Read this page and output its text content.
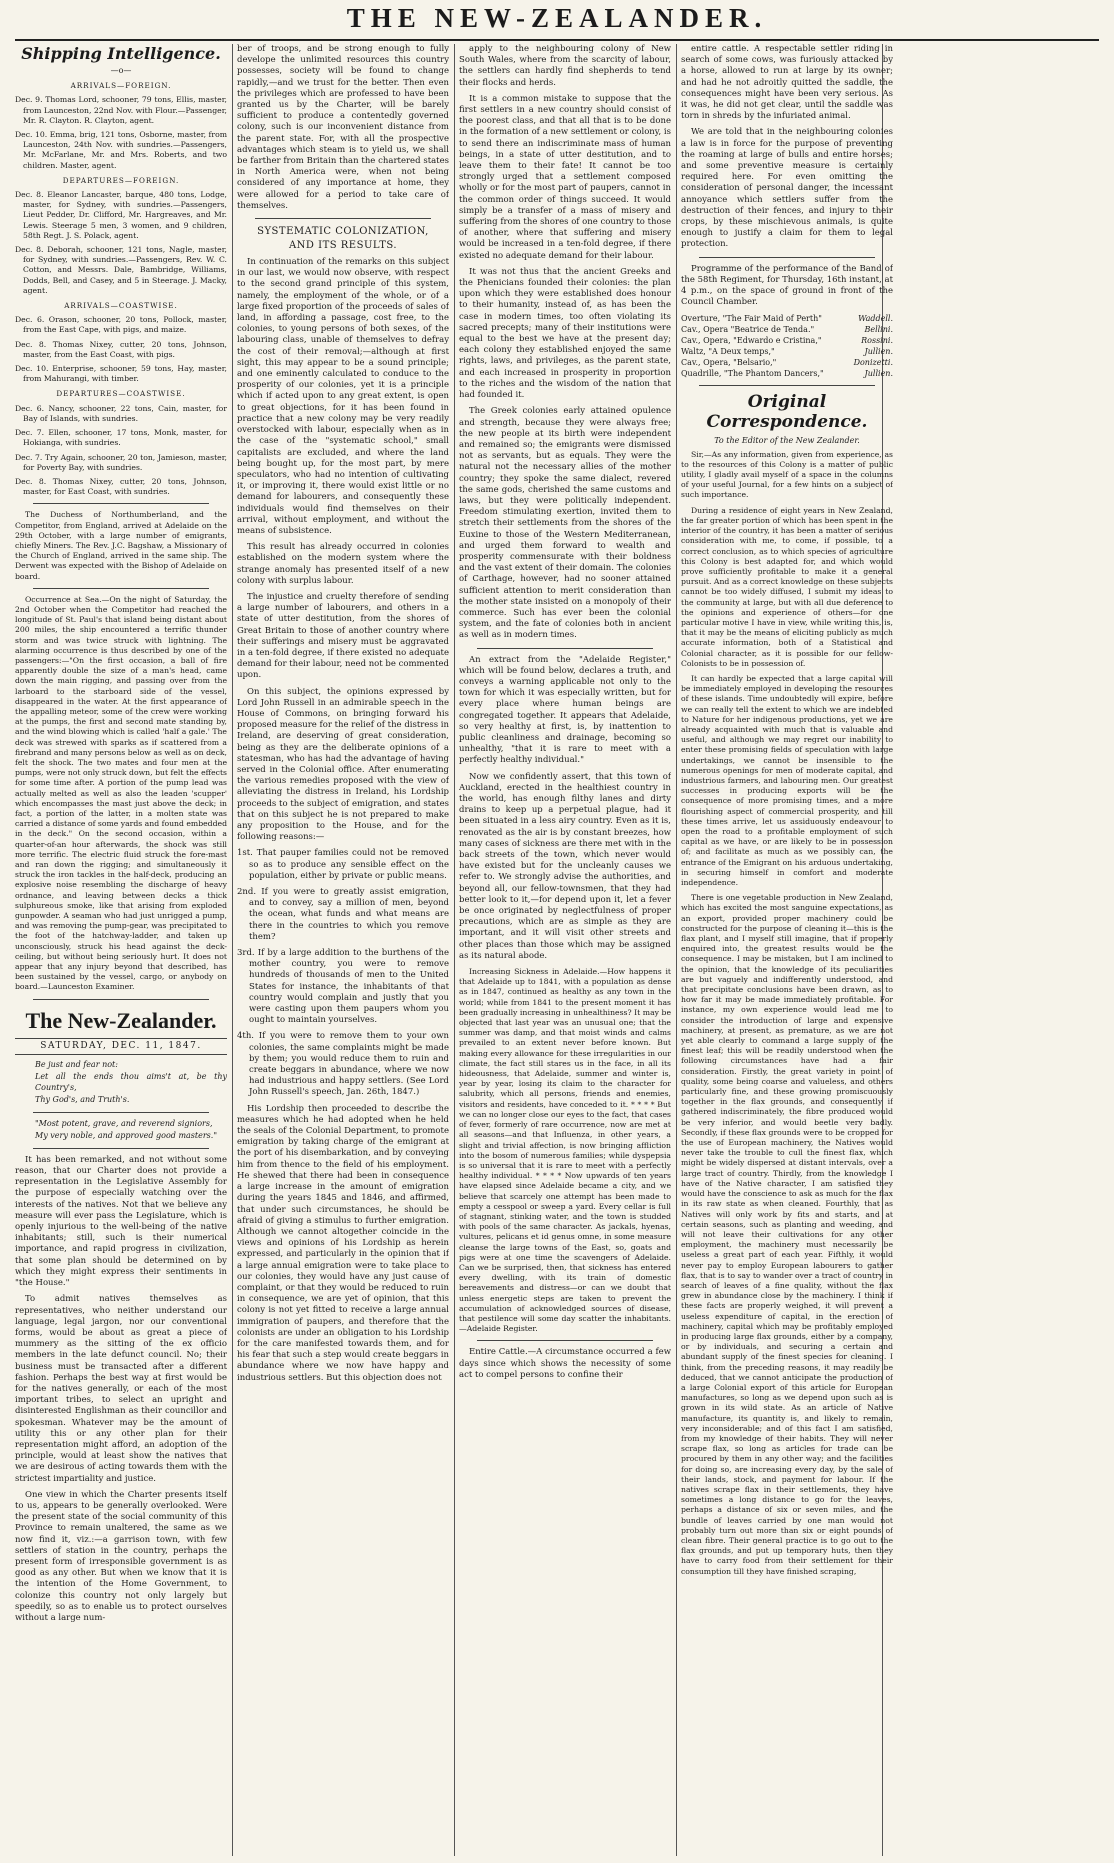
THE NEW-ZEALANDER.
Shipping Intelligence.
—o—
ARRIVALS—FOREIGN.
Dec. 9. Thomas Lord, schooner, 79 tons, Ellis, master, from Launceston, 22nd Nov. with Flour.—Passenger, Mr. R. Clayton. R. Clayton, agent.
Dec. 10. Emma, brig, 121 tons, Osborne, master, from Launceston, 24th Nov. with sundries.—Passengers, Mr. McFarlane, Mr. and Mrs. Roberts, and two children. Master, agent.
DEPARTURES—FOREIGN.
Dec. 8. Eleanor Lancaster, barque, 480 tons, Lodge, master, for Sydney, with sundries.—Passengers, Lieut Pedder, Dr. Clifford, Mr. Hargreaves, and Mr. Lewis. Steerage 5 men, 3 women, and 9 children, 58th Regt. J. S. Polack, agent.
Dec. 8. Deborah, schooner, 121 tons, Nagle, master, for Sydney, with sundries.—Passengers, Rev. W. C. Cotton, and Messrs. Dale, Bambridge, Williams, Dodds, Bell, and Casey, and 5 in Steerage. J. Macky, agent.
ARRIVALS—COASTWISE.
Dec. 6. Orason, schooner, 20 tons, Pollock, master, from the East Cape, with pigs, and maize.
Dec. 8. Thomas Nixey, cutter, 20 tons, Johnson, master, from the East Coast, with pigs.
Dec. 10. Enterprise, schooner, 59 tons, Hay, master, from Mahurangi, with timber.
DEPARTURES—COASTWISE.
Dec. 6. Nancy, schooner, 22 tons, Cain, master, for Bay of Islands, with sundries.
Dec. 7. Ellen, schooner, 17 tons, Monk, master, for Hokianga, with sundries.
Dec. 7. Try Again, schooner, 20 ton, Jamieson, master, for Poverty Bay, with sundries.
Dec. 8. Thomas Nixey, cutter, 20 tons, Johnson, master, for East Coast, with sundries.

The Duchess of Northumberland, and the Competitor, from England, arrived at Adelaide on the 29th October, with a large number of emigrants, chiefly Miners. The Rev. J.C. Bagshaw, a Missionary of the Church of England, arrived in the same ship. The Derwent was expected with the Bishop of Adelaide on board.

Occurrence at Sea.—On the night of Saturday, the 2nd October when the Competitor had reached the longitude of St. Paul's that island being distant about 200 miles, the ship encountered a terrific thunder storm and was twice struck with lightning. The alarming occurrence is thus described by one of the passengers:—"On the first occasion, a ball of fire apparently double the size of a man's head, came down the main rigging, and passing over from the larboard to the starboard side of the vessel, disappeared in the water. At the first appearance of the appalling meteor, some of the crew were working at the pumps, the first and second mate standing by, and the wind blowing which is called 'half a gale.' The deck was strewed with sparks as if scattered from a firebrand and many persons below as well as on deck, felt the shock. The two mates and four men at the pumps, were not only struck down, but felt the effects for some time after. A portion of the pump lead was actually melted as well as also the leaden 'scupper' which encompasses the mast just above the deck; in fact, a portion of the latter, in a molten state was carried a distance of some yards and found embedded in the deck." On the second occasion, within a quarter-of-an hour afterwards, the shock was still more terrific. The electric fluid struck the fore-mast and ran down the rigging; and simultaneously it struck the iron tackles in the half-deck, producing an explosive noise resembling the discharge of heavy ordnance, and leaving between decks a thick sulphureous smoke, like that arising from exploded gunpowder. A seaman who had just unrigged a pump, and was removing the pump-gear, was precipitated to the foot of the hatchway-ladder, and taken up unconsciously, struck his head against the deck-ceiling, but without being seriously hurt. It does not appear that any injury beyond that described, has been sustained by the vessel, cargo, or anybody on board.—Launceston Examiner.

The New-Zealander.
SATURDAY, DEC. 11, 1847.
Be just and fear not:
Let all the ends thou aims't at, be thy Country's,
Thy God's, and Truth's.
"Most potent, grave, and reverend signiors,
My very noble, and approved good masters."

It has been remarked, and not without some reason, that our Charter does not provide a representation in the Legislative Assembly for the purpose of especially watching over the interests of the natives. Not that we believe any measure will ever pass the Legislature, which is openly injurious to the well-being of the native inhabitants; still, such is their numerical importance, and rapid progress in civilization, that some plan should be determined on by which they might express their sentiments in "the House."

To admit natives themselves as representatives, who neither understand our language, legal jargon, nor our conventional forms, would be about as great a piece of mummery as the sitting of the ex officio members in the late defunct council. No; their business must be transacted after a different fashion. Perhaps the best way at first would be for the natives generally, or each of the most important tribes, to select an upright and disinterested Englishman as their councillor and spokesman. Whatever may be the amount of utility this or any other plan for their representation might afford, an adoption of the principle, would at least show the natives that we are desirous of acting towards them with the strictest impartiality and justice.

One view in which the Charter presents itself to us, appears to be generally overlooked. Were the present state of the social community of this Province to remain unaltered, the same as we now find it, viz.:—a garrison town, with few settlers of station in the country, perhaps the present form of irresponsible government is as good as any other. But when we know that it is the intention of the Home Government, to colonize this country not only largely but speedily, so as to enable us to protect ourselves without a large num-

ber of troops, and be strong enough to fully develope the unlimited resources this country possesses, society will be found to change rapidly,—and we trust for the better. Then even the privileges which are professed to have been granted us by the Charter, will be barely sufficient to produce a contentedly governed colony, such is our inconvenient distance from the parent state. For, with all the prospective advantages which steam is to yield us, we shall be farther from Britain than the chartered states in North America were, when not being considered of any importance at home, they were allowed for a period to take care of themselves.

SYSTEMATIC COLONIZATION,
AND ITS RESULTS.

In continuation of the remarks on this subject in our last, we would now observe, with respect to the second grand principle of this system, namely, the employment of the whole, or of a large fixed proportion of the proceeds of sales of land, in affording a passage, cost free, to the colonies, to young persons of both sexes, of the labouring class, unable of themselves to defray the cost of their removal;—although at first sight, this may appear to be a sound principle; and one eminently calculated to conduce to the prosperity of our colonies, yet it is a principle which if acted upon to any great extent, is open to great objections, for it has been found in practice that a new colony may be very readily overstocked with labour, especially when as in the case of the "systematic school," small capitalists are excluded, and where the land being bought up, for the most part, by mere speculators, who had no intention of cultivating it, or improving it, there would exist little or no demand for labourers, and consequently these individuals would find themselves on their arrival, without employment, and without the means of subsistence.

This result has already occurred in colonies established on the modern system where the strange anomaly has presented itself of a new colony with surplus labour.

The injustice and cruelty therefore of sending a large number of labourers, and others in a state of utter destitution, from the shores of Great Britain to those of another country where their sufferings and misery must be aggravated in a ten-fold degree, if there existed no adequate demand for their labour, need not be commented upon.

On this subject, the opinions expressed by Lord John Russell in an admirable speech in the House of Commons, on bringing forward his proposed measure for the relief of the distress in Ireland, are deserving of great consideration, being as they are the deliberate opinions of a statesman, who has had the advantage of having served in the Colonial office. After enumerating the various remedies proposed with the view of alleviating the distress in Ireland, his Lordship proceeds to the subject of emigration, and states that on this subject he is not prepared to make any proposition to the House, and for the following reasons:—

1st. That pauper families could not be removed so as to produce any sensible effect on the population, either by private or public means.
2nd. If you were to greatly assist emigration, and to convey, say a million of men, beyond the ocean, what funds and what means are there in the countries to which you remove them?
3rd. If by a large addition to the burthens of the mother country, you were to remove hundreds of thousands of men to the United States for instance, the inhabitants of that country would complain and justly that you were casting upon them paupers whom you ought to maintain yourselves.
4th. If you were to remove them to your own colonies, the same complaints might be made by them; you would reduce them to ruin and create beggars in abundance, where we now had industrious and happy settlers. (See Lord John Russell's speech, Jan. 26th, 1847.)

His Lordship then proceeded to describe the measures which he had adopted when he held the seals of the Colonial Department, to promote emigration by taking charge of the emigrant at the port of his disembarkation, and by conveying him from thence to the field of his employment. He shewed that there had been in consequence a large increase in the amount of emigration during the years 1845 and 1846, and affirmed, that under such circumstances, he should be afraid of giving a stimulus to further emigration. Although we cannot altogether coincide in the views and opinions of his Lordship as herein expressed, and particularly in the opinion that if a large annual emigration were to take place to our colonies, they would have any just cause of complaint, or that they would be reduced to ruin in consequence, we are yet of opinion, that this colony is not yet fitted to receive a large annual immigration of paupers, and therefore that the colonists are under an obligation to his Lordship for the care manifested towards them, and for his fear that such a step would create beggars in abundance where we now have happy and industrious settlers. But this objection does not

apply to the neighbouring colony of New South Wales, where from the scarcity of labour, the settlers can hardly find shepherds to tend their flocks and herds.

It is a common mistake to suppose that the first settlers in a new country should consist of the poorest class, and that all that is to be done in the formation of a new settlement or colony, is to send there an indiscriminate mass of human beings, in a state of utter destitution, and to leave them to their fate! It cannot be too strongly urged that a settlement composed wholly or for the most part of paupers, cannot in the common order of things succeed. It would simply be a transfer of a mass of misery and suffering from the shores of one country to those of another, where that suffering and misery would be increased in a ten-fold degree, if there existed no adequate demand for their labour.

It was not thus that the ancient Greeks and the Phenicians founded their colonies: the plan upon which they were established does honour to their humanity, instead of, as has been the case in modern times, too often violating its sacred precepts; many of their institutions were equal to the best we have at the present day; each colony they established enjoyed the same rights, laws, and privileges, as the parent state, and each increased in prosperity in proportion to the riches and the wisdom of the nation that had founded it.

The Greek colonies early attained opulence and strength, because they were always free; the new people at its birth were independent and remained so; the emigrants were dismissed not as servants, but as equals. They were the natural not the necessary allies of the mother country; they spoke the same dialect, revered the same gods, cherished the same customs and laws, but they were politically independent. Freedom stimulating exertion, invited them to stretch their settlements from the shores of the Euxine to those of the Western Mediterranean, and urged them forward to wealth and prosperity commensurate with their boldness and the vast extent of their domain. The colonies of Carthage, however, had no sooner attained sufficient attention to merit consideration than the mother state insisted on a monopoly of their commerce. Such has ever been the colonial system, and the fate of colonies both in ancient as well as in modern times.

An extract from the "Adelaide Register," which will be found below, declares a truth, and conveys a warning applicable not only to the town for which it was especially written, but for every place where human beings are congregated together. It appears that Adelaide, so very healthy at first, is, by inattention to public cleanliness and drainage, becoming so unhealthy, "that it is rare to meet with a perfectly healthy individual."

Now we confidently assert, that this town of Auckland, erected in the healthiest country in the world, has enough filthy lanes and dirty drains to keep up a perpetual plague, had it been situated in a less airy country. Even as it is, renovated as the air is by constant breezes, how many cases of sickness are there met with in the back streets of the town, which never would have existed but for the uncleanly causes we refer to. We strongly advise the authorities, and beyond all, our fellow-townsmen, that they had better look to it,—for depend upon it, let a fever be once originated by neglectfulness of proper precautions, which are as simple as they are important, and it will visit other streets and other places than those which may be assigned as its natural abode.

Increasing Sickness in Adelaide.—How happens it that Adelaide up to 1841, with a population as dense as in 1847, continued as healthy as any town in the world; while from 1841 to the present moment it has been gradually increasing in unhealthiness? It may be objected that last year was an unusual one; that the summer was damp, and that moist winds and calms prevailed to an extent never before known. But making every allowance for these irregularities in our climate, the fact still stares us in the face, in all its hideousness, that Adelaide, summer and winter is, year by year, losing its claim to the character for salubrity, which all persons, friends and enemies, visitors and residents, have conceded to it. * * * * But we can no longer close our eyes to the fact, that cases of fever, formerly of rare occurrence, now are met at all seasons—and that Influenza, in other years, a slight and trivial affection, is now bringing affliction into the bosom of numerous families; while dyspepsia is so universal that it is rare to meet with a perfectly healthy individual. * * * * Now upwards of ten years have elapsed since Adelaide became a city, and we believe that scarcely one attempt has been made to empty a cesspool or sweep a yard. Every cellar is full of stagnant, stinking water, and the town is studded with pools of the same character. As jackals, hyenas, vultures, pelicans et id genus omne, in some measure cleanse the large towns of the East, so, goats and pigs were at one time the scavengers of Adelaide. Can we be surprised, then, that sickness has entered every dwelling, with its train of domestic bereavements and distress—or can we doubt that unless energetic steps are taken to prevent the accumulation of acknowledged sources of disease, that pestilence will some day scatter the inhabitants.—Adelaide Register.

Entire Cattle.—A circumstance occurred a few days since which shows the necessity of some act to compel persons to confine their

entire cattle. A respectable settler riding in search of some cows, was furiously attacked by a horse, allowed to run at large by its owner; and had he not adroitly quitted the saddle, the consequences might have been very serious. As it was, he did not get clear, until the saddle was torn in shreds by the infuriated animal.

We are told that in the neighbouring colonies a law is in force for the purpose of preventing the roaming at large of bulls and entire horses; and some preventive measure is certainly required here. For even omitting the consideration of personal danger, the incessant annoyance which settlers suffer from the destruction of their fences, and injury to their crops, by these mischievous animals, is quite enough to justify a claim for them to legal protection.

Programme of the performance of the Band of the 58th Regiment, for Thursday, 16th instant, at 4 p.m., on the space of ground in front of the Council Chamber.

Overture, "The Fair Maid of Perth"	Waddell.
Cav., Opera "Beatrice de Tenda."	Bellini.
Cav., Opera, "Edwardo e Cristina,"	Rossini.
Waltz, "A Deux temps,"	Jullien.
Cav., Opera, "Belsario,"	Donizetti.
Quadrille, "The Phantom Dancers,"	Jullien.
Original Correspondence.
To the Editor of the New Zealander.

Sir,—As any information, given from experience, as to the resources of this Colony is a matter of public utility, I gladly avail myself of a space in the columns of your useful Journal, for a few hints on a subject of such importance.

During a residence of eight years in New Zealand, the far greater portion of which has been spent in the interior of the country, it has been a matter of serious consideration with me, to come, if possible, to a correct conclusion, as to which species of agriculture this Colony is best adapted for, and which would prove sufficiently profitable to make it a general pursuit. And as a correct knowledge on these subjects cannot be too widely diffused, I submit my ideas to the community at large, but with all due deference to the opinions and experience of others—for one particular motive I have in view, while writing this, is, that it may be the means of eliciting publicly as much accurate information, both of a Statistical and Colonial character, as it is possible for our fellow-Colonists to be in possession of.

It can hardly be expected that a large capital will be immediately employed in developing the resources of these islands. Time undoubtedly will expire, before we can really tell the extent to which we are indebted to Nature for her indigenous productions, yet we are already acquainted with much that is valuable and useful, and although we may regret our inability to enter these promising fields of speculation with large undertakings, we cannot be insensible to the numerous openings for men of moderate capital, and industrious farmers, and labouring men. Our greatest successes in producing exports will be the consequence of more promising times, and a more flourishing aspect of commercial prosperity, and till these times arrive, let us assiduously endeavour to open the road to a profitable employment of such capital as we have, or are likely to be in possession of; and facilitate as much as we possibly can, the entrance of the Emigrant on his arduous undertaking, in securing himself in comfort and moderate independence.

There is one vegetable production in New Zealand, which has excited the most sanguine expectations, as an export, provided proper machinery could be constructed for the purpose of cleaning it—this is the flax plant, and I myself still imagine, that if properly enquired into, the greatest results would be the consequence. I may be mistaken, but I am inclined to the opinion, that the knowledge of its peculiarities are but vaguely and indifferently understood, and that precipitate conclusions have been drawn, as to how far it may be made immediately profitable. For instance, my own experience would lead me to consider the introduction of large and expensive machinery, at present, as premature, as we are not yet able clearly to command a large supply of the finest leaf; this will be readily understood when the following circumstances have had a fair consideration. Firstly, the great variety in point of quality, some being coarse and valueless, and others particularly fine, and these growing promiscuously together in the flax grounds, and consequently if gathered indiscriminately, the fibre produced would be very inferior, and would beetle very badly. Secondly, if these flax grounds were to be cropped for the use of European machinery, the Natives would never take the trouble to cull the finest flax, which might be widely dispersed at distant intervals, over a large tract of country. Thirdly, from the knowledge I have of the Native character, I am satisfied they would have the conscience to ask as much for the flax in its raw state as when cleaned. Fourthly, that as Natives will only work by fits and starts, and at certain seasons, such as planting and weeding, and will not leave their cultivations for any other employment, the machinery must necessarily be useless a great part of each year. Fifthly, it would never pay to employ European labourers to gather flax, that is to say to wander over a tract of country in search of leaves of a fine quality, without the flax grew in abundance close by the machinery. I think if these facts are properly weighed, it will prevent a useless expenditure of capital, in the erection of machinery, capital which may be profitably employed in producing large flax grounds, either by a company, or by individuals, and securing a certain and abundant supply of the finest species for cleaning. I think, from the preceding reasons, it may readily be deduced, that we cannot anticipate the production of a large Colonial export of this article for European manufactures, so long as we depend upon such as is grown in its wild state. As an article of Native manufacture, its quantity is, and likely to remain, very inconsiderable; and of this fact I am satisfied, from my knowledge of their habits. They will never scrape flax, so long as articles for trade can be procured by them in any other way; and the facilities for doing so, are increasing every day, by the sale of their lands, stock, and payment for labour. If the natives scrape flax in their settlements, they have sometimes a long distance to go for the leaves, perhaps a distance of six or seven miles, and the bundle of leaves carried by one man would not probably turn out more than six or eight pounds of clean fibre. Their general practice is to go out to the flax grounds, and put up temporary huts, then they have to carry food from their settlement for their consumption till they have finished scraping,
